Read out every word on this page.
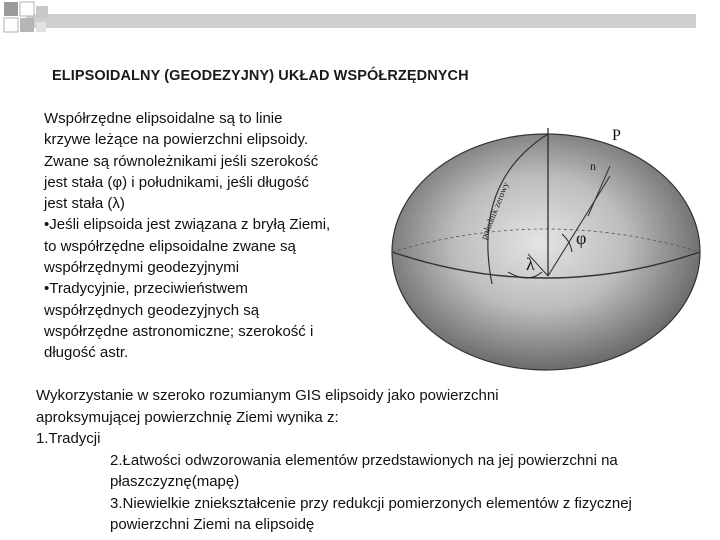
ELIPSOIDALNY (GEODEZYJNY) UKŁAD WSPÓŁRZĘDNYCH
Współrzędne elipsoidalne są to linie
krzywe leżące na powierzchni elipsoidy.
Zwane są równoleżnikami jeśli szerokość
jest stała (φ) i południkami, jeśli długość
jest stała (λ)
•Jeśli elipsoida jest związana z bryłą Ziemi,
to współrzędne elipsoidalne zwane są
współrzędnymi geodezyjnymi
•Tradycyjnie, przeciwieństwem
współrzędnych geodezyjnych są
współrzędne astronomiczne; szerokość i
długość astr.
P
n
φ
λ
południk zerowy
Wykorzystanie w szeroko rozumianym GIS elipsoidy jako powierzchni
aproksymującej powierzchnię Ziemi wynika z:
1.Tradycji
2.Łatwości odwzorowania elementów przedstawionych na jej powierzchni na płaszczyznę(mapę)
3.Niewielkie zniekształcenie przy redukcji pomierzonych elementów z fizycznej powierzchni Ziemi na elipsoidę
